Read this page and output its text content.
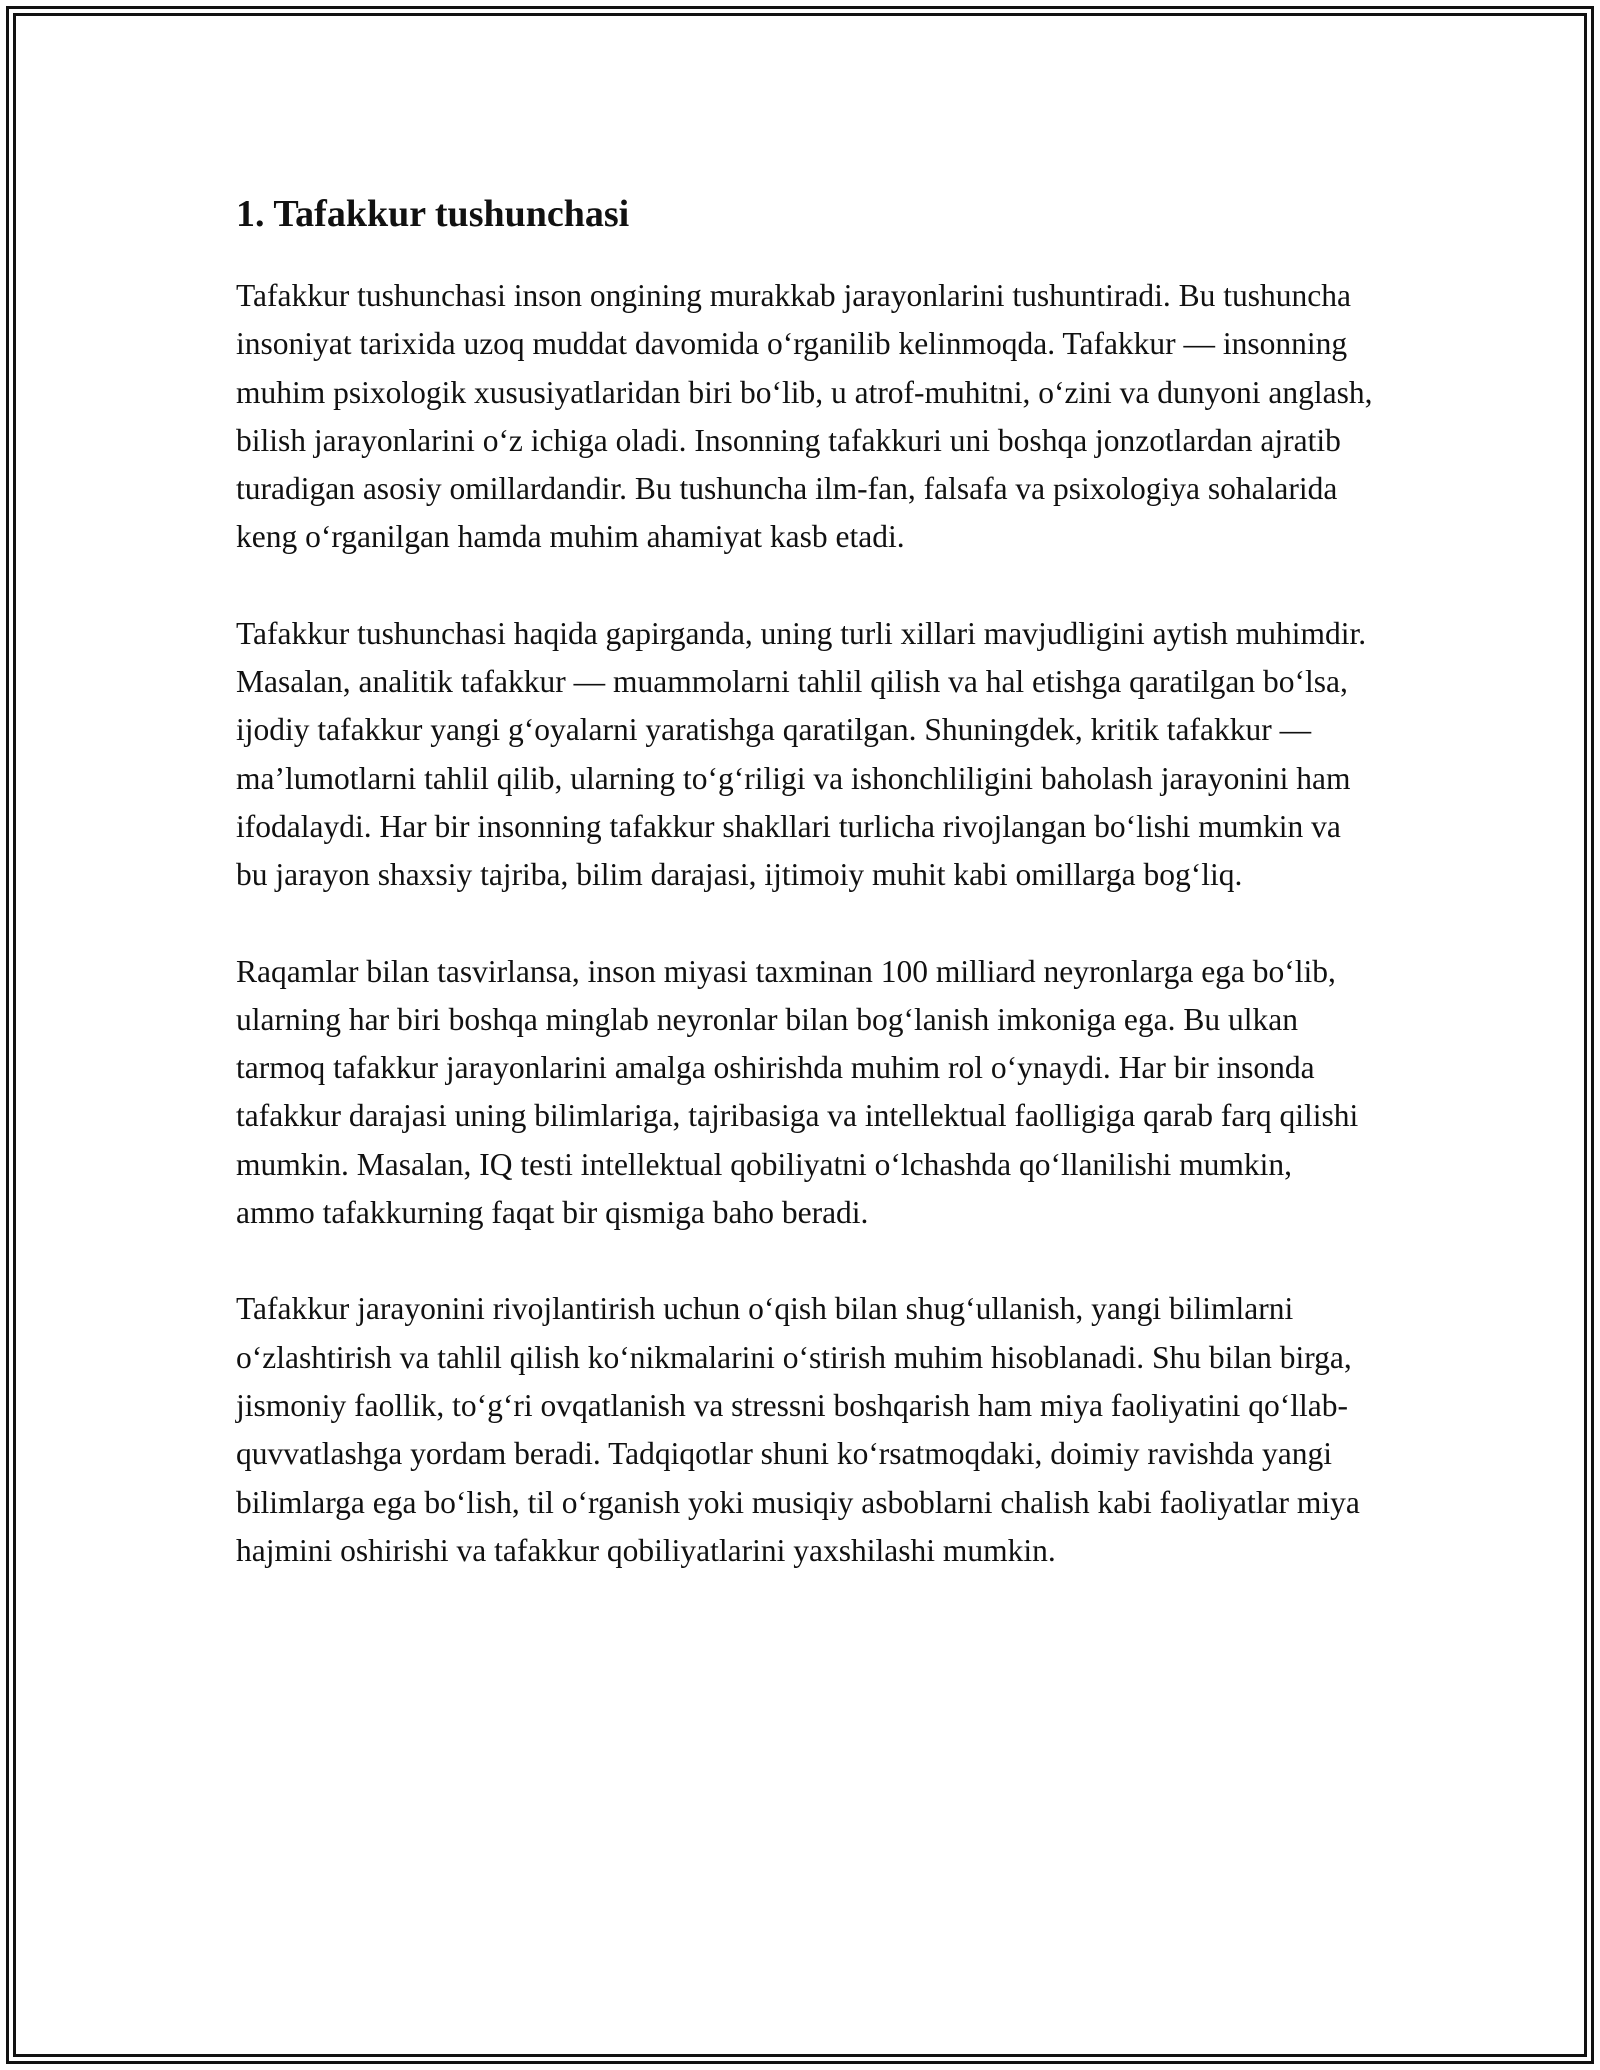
1. Tafakkur tushunchasi

Tafakkur tushunchasi inson ongining murakkab jarayonlarini tushuntiradi. Bu tushuncha insoniyat tarixida uzoq muddat davomida oʻrganilib kelinmoqda. Tafakkur — insonning muhim psixologik xususiyatlaridan biri boʻlib, u atrof-muhitni, oʻzini va dunyoni anglash, bilish jarayonlarini oʻz ichiga oladi. Insonning tafakkuri uni boshqa jonzotlardan ajratib turadigan asosiy omillardandir. Bu tushuncha ilm-fan, falsafa va psixologiya sohalarida keng oʻrganilgan hamda muhim ahamiyat kasb etadi.

Tafakkur tushunchasi haqida gapirganda, uning turli xillari mavjudligini aytish muhimdir. Masalan, analitik tafakkur — muammolarni tahlil qilish va hal etishga qaratilgan boʻlsa, ijodiy tafakkur yangi gʻoyalarni yaratishga qaratilgan. Shuningdek, kritik tafakkur — maʼlumotlarni tahlil qilib, ularning toʻgʻriligi va ishonchliligini baholash jarayonini ham ifodalaydi. Har bir insonning tafakkur shakllari turlicha rivojlangan boʻlishi mumkin va bu jarayon shaxsiy tajriba, bilim darajasi, ijtimoiy muhit kabi omillarga bogʻliq.

Raqamlar bilan tasvirlansa, inson miyasi taxminan 100 milliard neyronlarga ega boʻlib, ularning har biri boshqa minglab neyronlar bilan bogʻlanish imkoniga ega. Bu ulkan tarmoq tafakkur jarayonlarini amalga oshirishda muhim rol oʻynaydi. Har bir insonda tafakkur darajasi uning bilimlariga, tajribasiga va intellektual faolligiga qarab farq qilishi mumkin. Masalan, IQ testi intellektual qobiliyatni oʻlchashda qoʻllanilishi mumkin, ammo tafakkurning faqat bir qismiga baho beradi.

Tafakkur jarayonini rivojlantirish uchun oʻqish bilan shugʻullanish, yangi bilimlarni oʻzlashtirish va tahlil qilish koʻnikmalarini oʻstirish muhim hisoblanadi. Shu bilan birga, jismoniy faollik, toʻgʻri ovqatlanish va stressni boshqarish ham miya faoliyatini qoʻllab-quvvatlashga yordam beradi. Tadqiqotlar shuni koʻrsatmoqdaki, doimiy ravishda yangi bilimlarga ega boʻlish, til oʻrganish yoki musiqiy asboblarni chalish kabi faoliyatlar miya hajmini oshirishi va tafakkur qobiliyatlarini yaxshilashi mumkin.
